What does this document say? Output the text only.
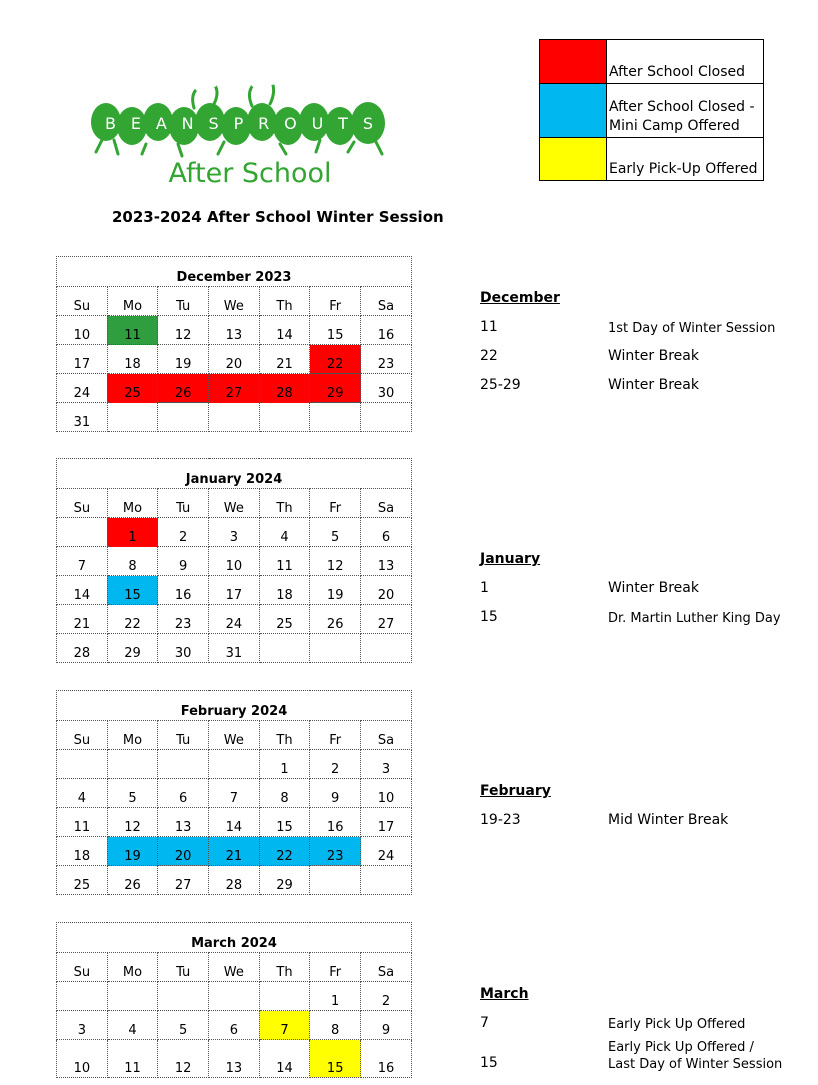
BEANSPROUTS
After School
	After School Closed
	After School Closed - Mini Camp Offered
	Early Pick-Up Offered
2023-2024 After School Winter Session
December 2023						
Su	Mo	Tu	We	Th	Fr	Sa
10	11	12	13	14	15	16
17	18	19	20	21	22	23
24	25	26	27	28	29	30
31						
January 2024						
Su	Mo	Tu	We	Th	Fr	Sa
	1	2	3	4	5	6
7	8	9	10	11	12	13
14	15	16	17	18	19	20
21	22	23	24	25	26	27
28	29	30	31			
February 2024						
Su	Mo	Tu	We	Th	Fr	Sa
				1	2	3
4	5	6	7	8	9	10
11	12	13	14	15	16	17
18	19	20	21	22	23	24
25	26	27	28	29		
March 2024						
Su	Mo	Tu	We	Th	Fr	Sa
					1	2
3	4	5	6	7	8	9
10	11	12	13	14	15	16
December
11	1st Day of Winter Session
22	Winter Break
25-29	Winter Break
January
1	Winter Break
15	Dr. Martin Luther King Day
February
19-23	Mid Winter Break
March
7	Early Pick Up Offered
Early Pick Up Offered /
15	Last Day of Winter Session
